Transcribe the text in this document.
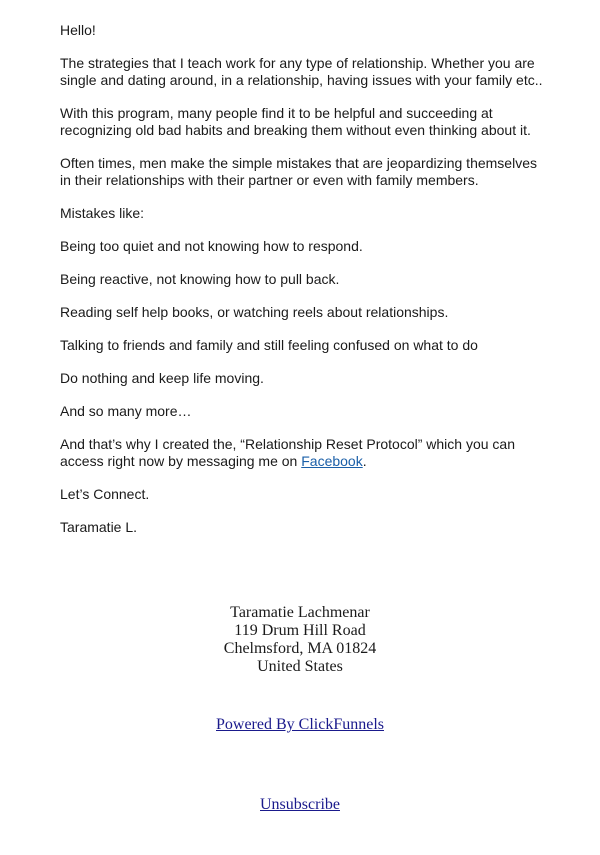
Hello!

The strategies that I teach work for any type of relationship. Whether you are single and dating around, in a relationship, having issues with your family etc..

With this program, many people find it to be helpful and succeeding at recognizing old bad habits and breaking them without even thinking about it.

Often times, men make the simple mistakes that are jeopardizing themselves in their relationships with their partner or even with family members.

Mistakes like:

Being too quiet and not knowing how to respond.

Being reactive, not knowing how to pull back.

Reading self help books, or watching reels about relationships.

Talking to friends and family and still feeling confused on what to do

Do nothing and keep life moving.

And so many more…

And that’s why I created the, “Relationship Reset Protocol” which you can access right now by messaging me on Facebook.

Let’s Connect.

Taramatie L.

Taramatie Lachmenar
119 Drum Hill Road
Chelmsford, MA 01824
United States
Powered By ClickFunnels
Unsubscribe
